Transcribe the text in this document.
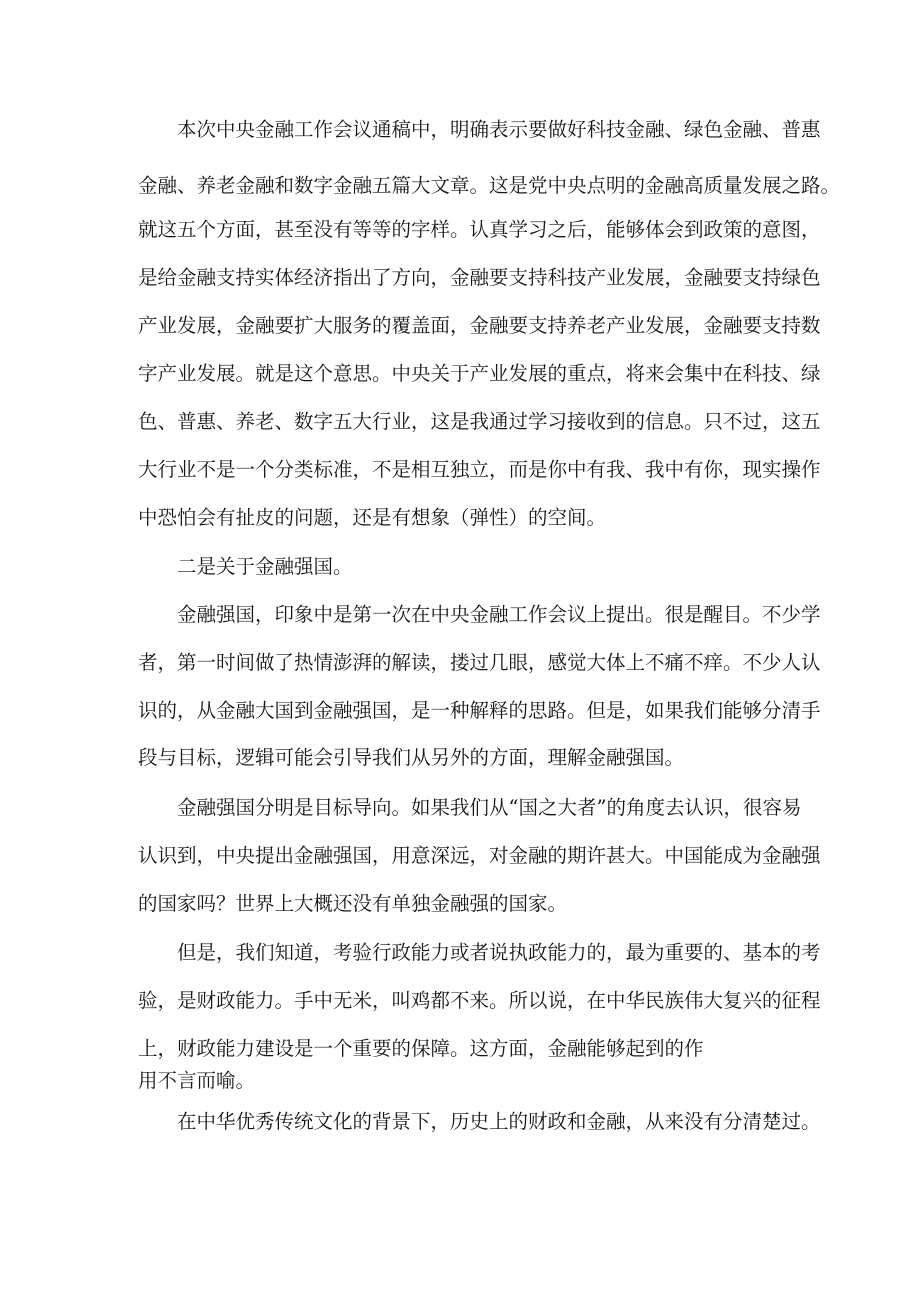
本次中央金融工作会议通稿中，明确表示要做好科技金融、绿色金融、普惠
金融、养老金融和数字金融五篇大文章。这是党中央点明的金融高质量发展之路。
就这五个方面，甚至没有等等的字样。认真学习之后，能够体会到政策的意图，
是给金融支持实体经济指出了方向，金融要支持科技产业发展，金融要支持绿色
产业发展，金融要扩大服务的覆盖面，金融要支持养老产业发展，金融要支持数
字产业发展。就是这个意思。中央关于产业发展的重点，将来会集中在科技、绿
色、普惠、养老、数字五大行业，这是我通过学习接收到的信息。只不过，这五
大行业不是一个分类标准，不是相互独立，而是你中有我、我中有你，现实操作
中恐怕会有扯皮的问题，还是有想象（弹性）的空间。
二是关于金融强国。
金融强国，印象中是第一次在中央金融工作会议上提出。很是醒目。不少学
者，第一时间做了热情澎湃的解读，搂过几眼，感觉大体上不痛不痒。不少人认
识的，从金融大国到金融强国，是一种解释的思路。但是，如果我们能够分清手
段与目标，逻辑可能会引导我们从另外的方面，理解金融强国。
金融强国分明是目标导向。如果我们从“国之大者”的角度去认识，很容易
认识到，中央提出金融强国，用意深远，对金融的期许甚大。中国能成为金融强
的国家吗？世界上大概还没有单独金融强的国家。
但是，我们知道，考验行政能力或者说执政能力的，最为重要的、基本的考
验，是财政能力。手中无米，叫鸡都不来。所以说，在中华民族伟大复兴的征程
上，财政能力建设是一个重要的保障。这方面，金融能够起到的作
用不言而喻。
在中华优秀传统文化的背景下，历史上的财政和金融，从来没有分清楚过。
